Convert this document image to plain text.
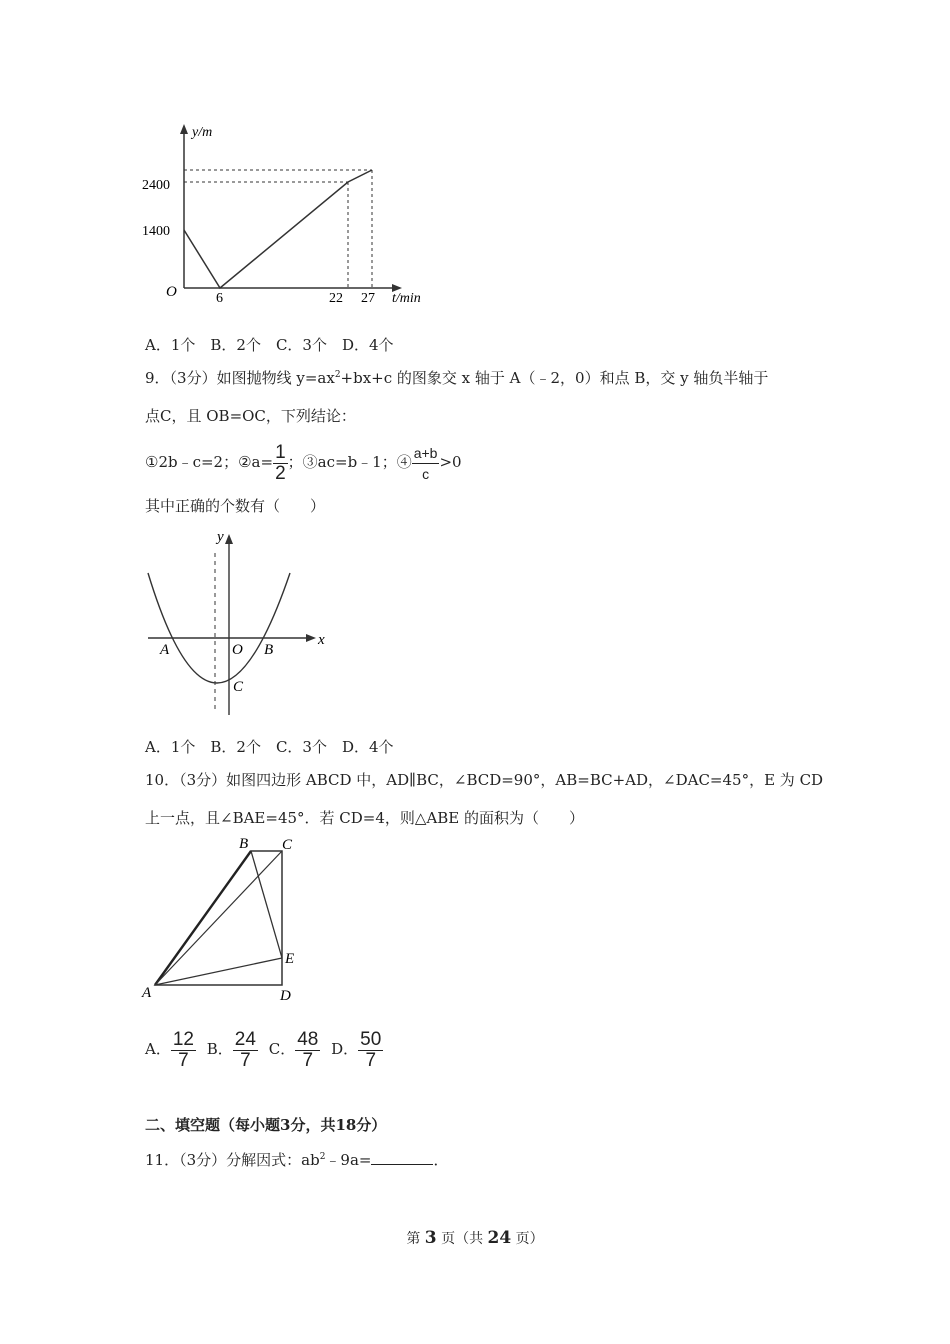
y/m
2400
1400
O	6	22 27 t/min
A．1个　B．2个　C．3个　D．4个
9．（3分）如图抛物线 $y=ax^2+bx+c$ 的图象交 x 轴于 A（﹣2，0）和点 B，交 y 轴负半轴于
点C，且 OB=OC，下列结论：
①2b﹣c=2；②a= $\frac{1}{2}$ ；③ac=b﹣1；④ $\frac{a+b}{c} >0$
其中正确的个数有（　　）
y
x
A	O B
C
A．1个　B．2个　C．3个　D．4个
10．（3分）如图四边形 ABCD 中，AD∥BC，∠BCD=90°，AB=BC+AD，∠DAC=45°，E 为 CD
上一点，且∠BAE=45°．若 CD=4，则△ABE 的面积为（　　）
B C
E
A	D
A． $\frac{12}{7}$ B． $\frac{24}{7}$ C． $\frac{48}{7}$ D． $\frac{50}{7}$
二、填空题（每小题3分，共18分）
11．（3分）分解因式：$ab^2﹣9a=$	．
第 3 页（共 24 页）
